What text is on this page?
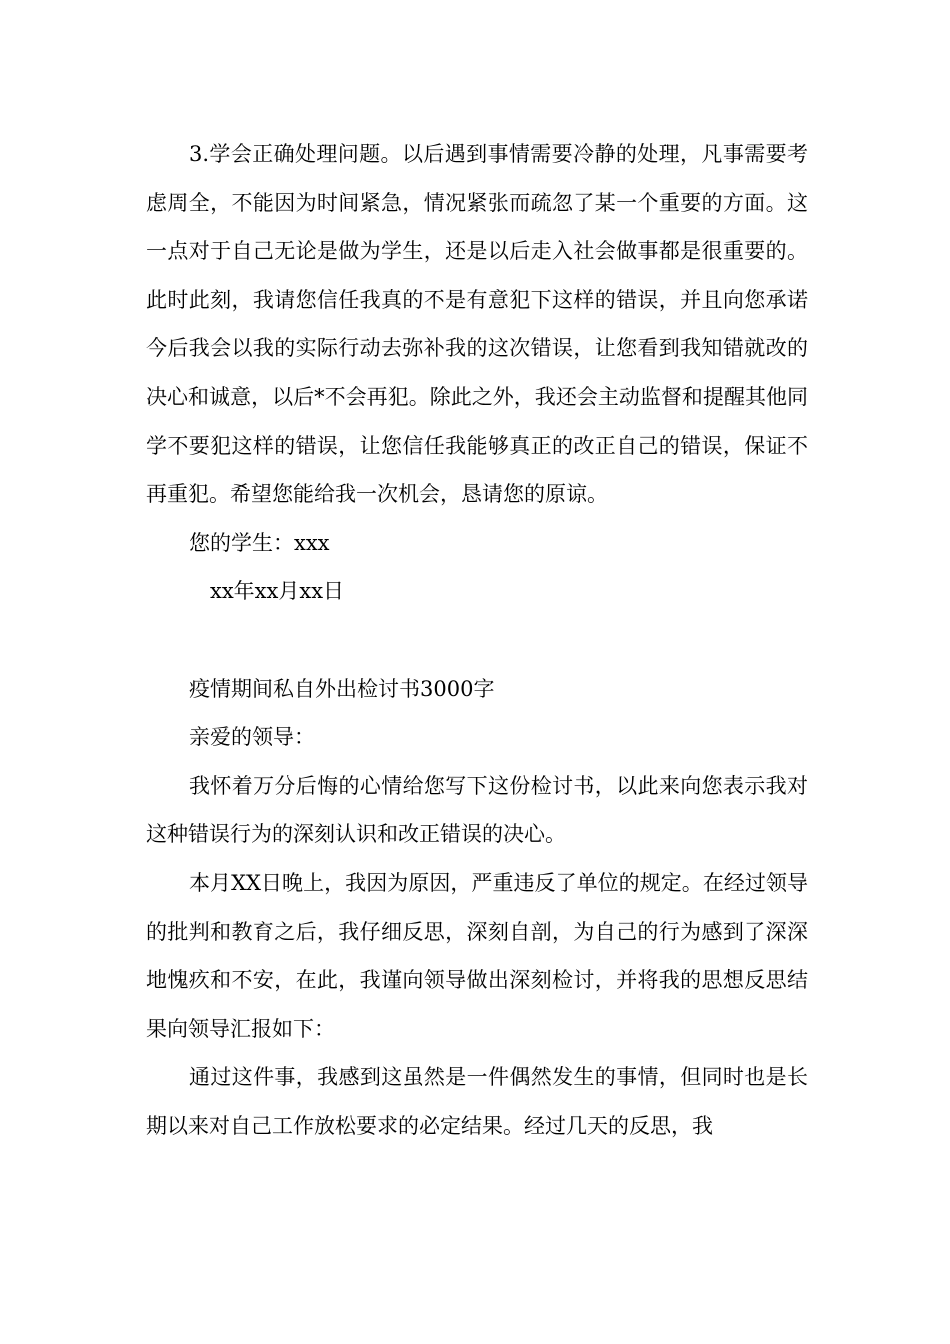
3.学会正确处理问题。以后遇到事情需要冷静的处理，凡事需要考虑周全，不能因为时间紧急，情况紧张而疏忽了某一个重要的方面。这一点对于自己无论是做为学生，还是以后走入社会做事都是很重要的。此时此刻，我请您信任我真的不是有意犯下这样的错误，并且向您承诺今后我会以我的实际行动去弥补我的这次错误，让您看到我知错就改的决心和诚意，以后*不会再犯。除此之外，我还会主动监督和提醒其他同学不要犯这样的错误，让您信任我能够真正的改正自己的错误，保证不再重犯。希望您能给我一次机会，恳请您的原谅。

您的学生：xxx

xx年xx月xx日

疫情期间私自外出检讨书3000字

亲爱的领导：

我怀着万分后悔的心情给您写下这份检讨书，以此来向您表示我对这种错误行为的深刻认识和改正错误的决心。

本月XX日晚上，我因为原因，严重违反了单位的规定。在经过领导的批判和教育之后，我仔细反思，深刻自剖，为自己的行为感到了深深地愧疚和不安，在此，我谨向领导做出深刻检讨，并将我的思想反思结果向领导汇报如下：

通过这件事，我感到这虽然是一件偶然发生的事情，但同时也是长期以来对自己工作放松要求的必定结果。经过几天的反思，我
